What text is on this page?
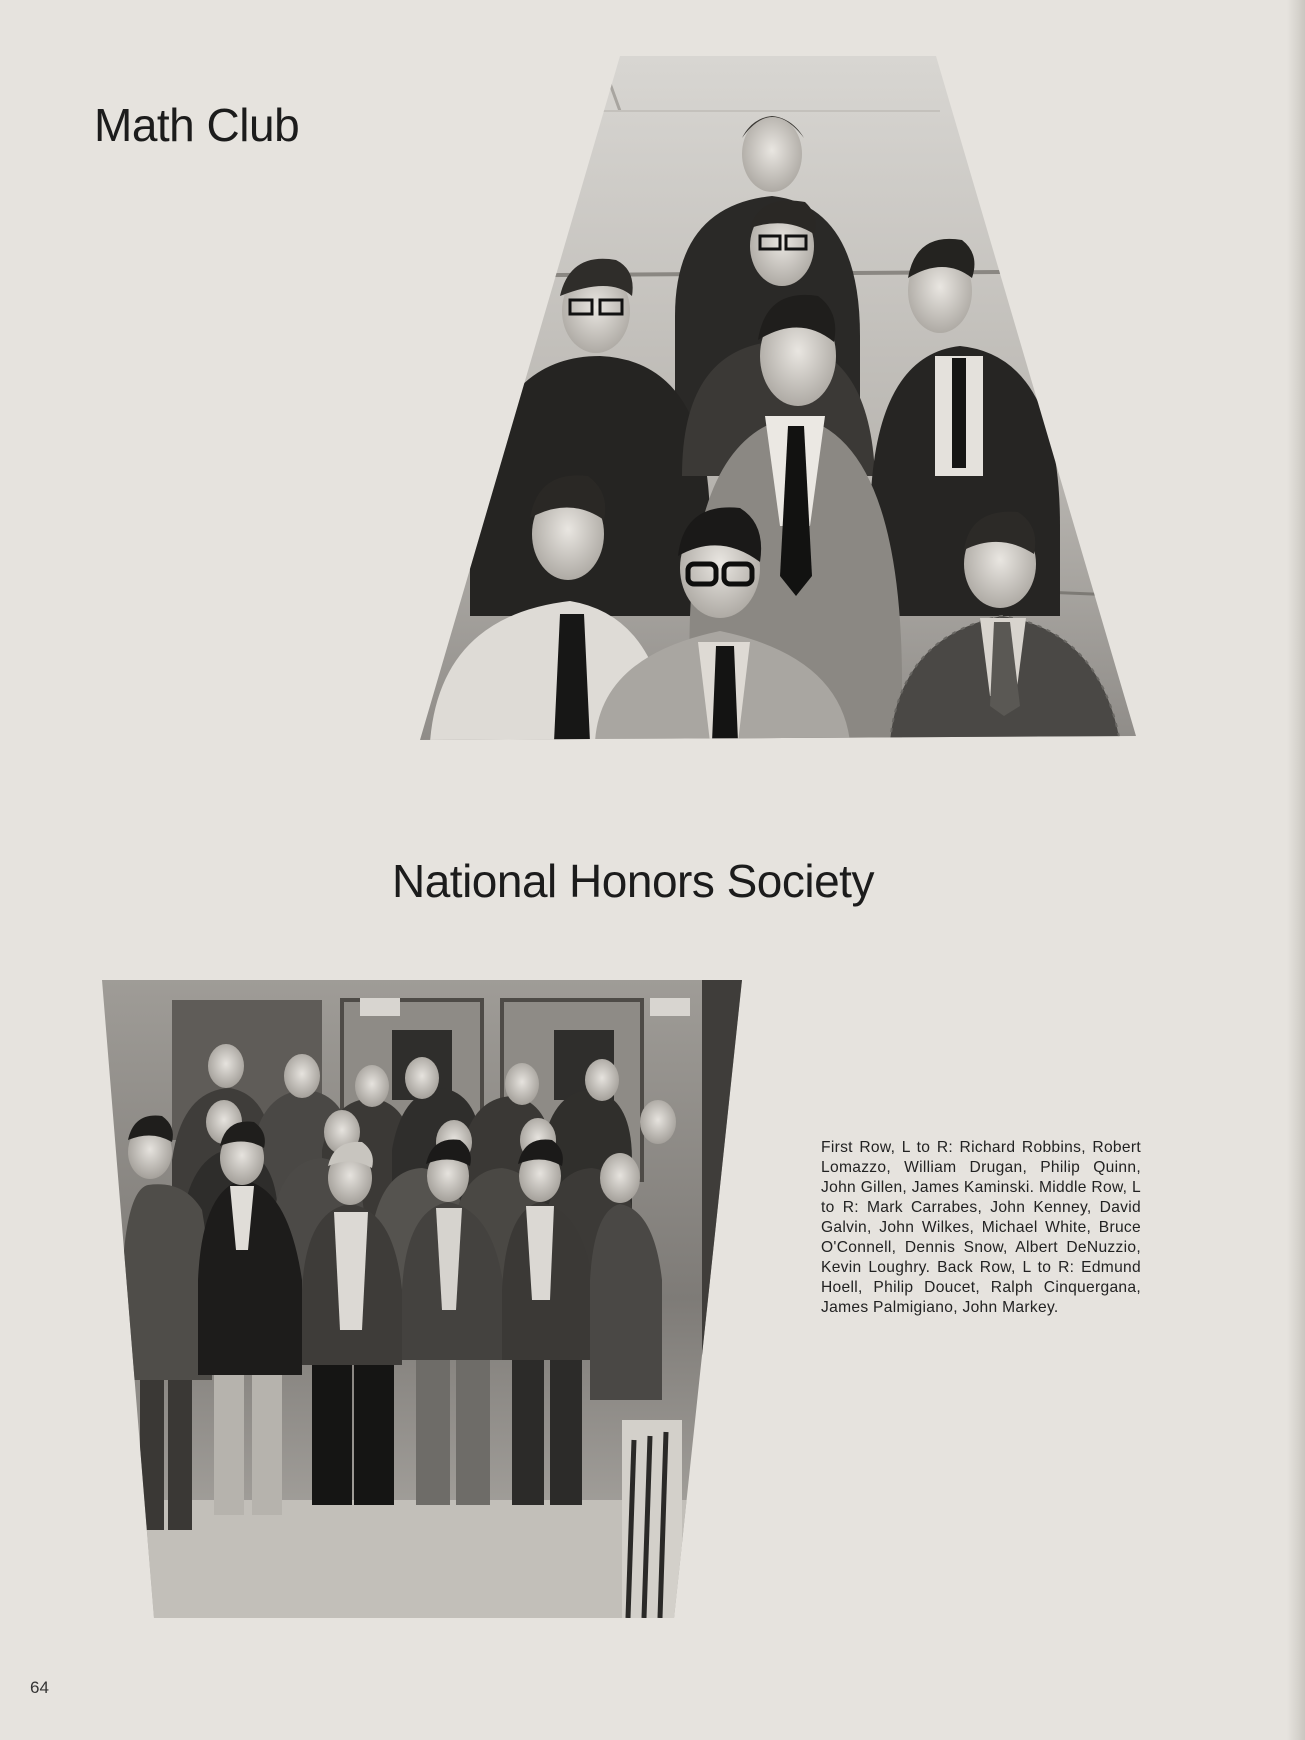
Math Club
National Honors Society

First Row, L to R: Richard Robbins, Robert Lomazzo, William Drugan, Philip Quinn, John Gillen, James Kaminski. Middle Row, L to R: Mark Carrabes, John Kenney, David Galvin, John Wilkes, Michael White, Bruce O'Connell, Dennis Snow, Albert DeNuzzio, Kevin Loughry. Back Row, L to R: Edmund Hoell, Philip Doucet, Ralph Cinquergana, James Palmigiano, John Markey.

64
